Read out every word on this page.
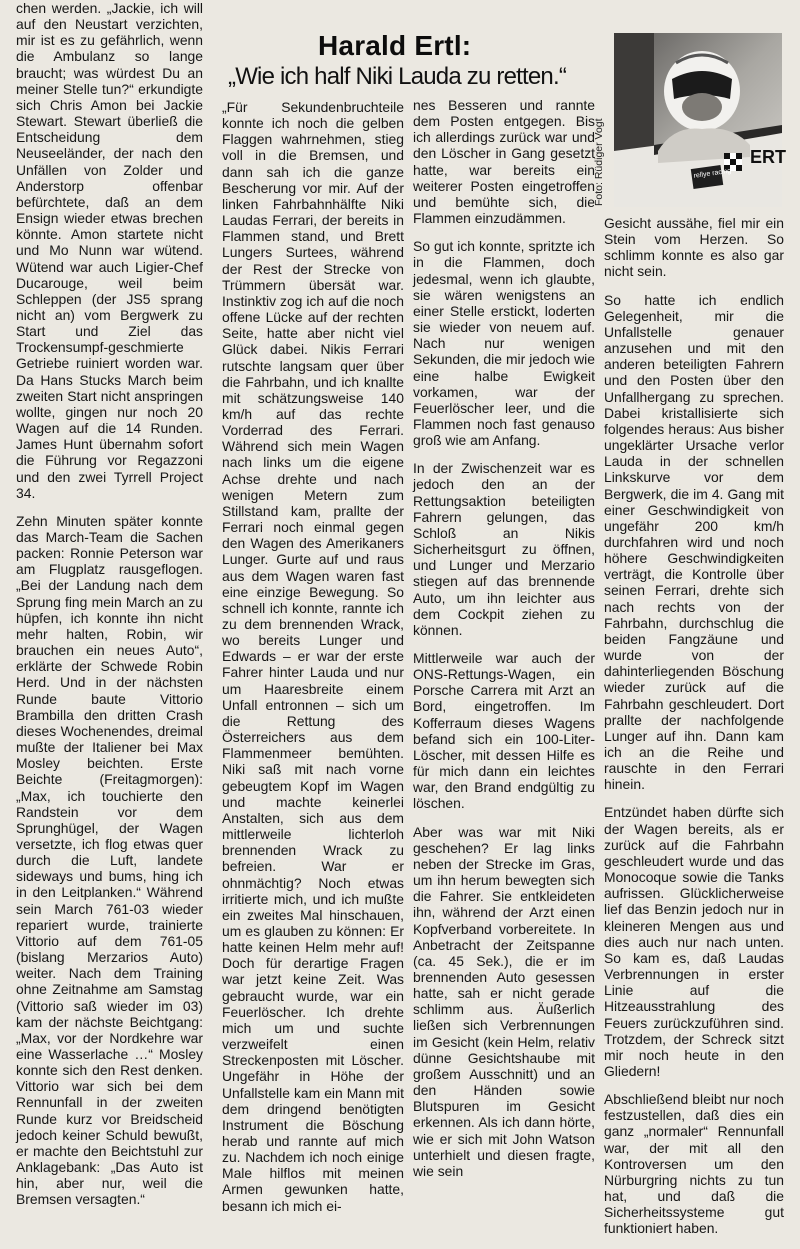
chen werden. „Jackie, ich will auf den Neustart verzichten, mir ist es zu gefährlich, wenn die Ambulanz so lange braucht; was würdest Du an meiner Stelle tun?“ erkundigte sich Chris Amon bei Jackie Stewart. Stewart überließ die Entscheidung dem Neuseeländer, der nach den Unfällen von Zolder und Anderstorp offenbar befürchtete, daß an dem Ensign wieder etwas brechen könnte. Amon startete nicht und Mo Nunn war wütend. Wütend war auch Ligier-Chef Ducarouge, weil beim Schleppen (der JS5 sprang nicht an) vom Bergwerk zu Start und Ziel das Trockensumpf-geschmierte Getriebe ruiniert worden war. Da Hans Stucks March beim zweiten Start nicht anspringen wollte, gingen nur noch 20 Wagen auf die 14 Runden. James Hunt übernahm sofort die Führung vor Regazzoni und den zwei Tyrrell Project 34.

Zehn Minuten später konnte das March-Team die Sachen packen: Ronnie Peterson war am Flugplatz rausgeflogen. „Bei der Landung nach dem Sprung fing mein March an zu hüpfen, ich konnte ihn nicht mehr halten, Robin, wir brauchen ein neues Auto“, erklärte der Schwede Robin Herd. Und in der nächsten Runde baute Vittorio Brambilla den dritten Crash dieses Wochenendes, dreimal mußte der Italiener bei Max Mosley beichten. Erste Beichte (Freitagmorgen): „Max, ich touchierte den Randstein vor dem Sprunghügel, der Wagen versetzte, ich flog etwas quer durch die Luft, landete sideways und bums, hing ich in den Leitplanken.“ Während sein March 761-03 wieder repariert wurde, trainierte Vittorio auf dem 761-05 (bislang Merzarios Auto) weiter. Nach dem Training ohne Zeitnahme am Samstag (Vittorio saß wieder im 03) kam der nächste Beichtgang: „Max, vor der Nordkehre war eine Wasserlache …“ Mosley konnte sich den Rest denken. Vittorio war sich bei dem Rennunfall in der zweiten Runde kurz vor Breidscheid jedoch keiner Schuld bewußt, er machte den Beichtstuhl zur Anklagebank: „Das Auto ist hin, aber nur, weil die Bremsen versagten.“

Harald Ertl:
„Wie ich half Niki Lauda zu retten.“
rellye racing
ERT
Foto: Rüdiger Vogt

„Für Sekundenbruchteile konnte ich noch die gelben Flaggen wahrnehmen, stieg voll in die Bremsen, und dann sah ich die ganze Bescherung vor mir. Auf der linken Fahrbahnhälfte Niki Laudas Ferrari, der bereits in Flammen stand, und Brett Lungers Surtees, während der Rest der Strecke von Trümmern übersät war. Instinktiv zog ich auf die noch offene Lücke auf der rechten Seite, hatte aber nicht viel Glück dabei. Nikis Ferrari rutschte langsam quer über die Fahrbahn, und ich knallte mit schätzungsweise 140 km/h auf das rechte Vorderrad des Ferrari. Während sich mein Wagen nach links um die eigene Achse drehte und nach wenigen Metern zum Stillstand kam, prallte der Ferrari noch einmal gegen den Wagen des Amerikaners Lunger. Gurte auf und raus aus dem Wagen waren fast eine einzige Bewegung. So schnell ich konnte, rannte ich zu dem brennenden Wrack, wo bereits Lunger und Edwards – er war der erste Fahrer hinter Lauda und nur um Haaresbreite einem Unfall entronnen – sich um die Rettung des Österreichers aus dem Flammenmeer bemühten. Niki saß mit nach vorne gebeugtem Kopf im Wagen und machte keinerlei Anstalten, sich aus dem mittlerweile lichterloh brennenden Wrack zu befreien. War er ohnmächtig? Noch etwas irritierte mich, und ich mußte ein zweites Mal hinschauen, um es glauben zu können: Er hatte keinen Helm mehr auf! Doch für derartige Fragen war jetzt keine Zeit. Was gebraucht wurde, war ein Feuerlöscher. Ich drehte mich um und suchte verzweifelt einen Streckenposten mit Löscher. Ungefähr in Höhe der Unfallstelle kam ein Mann mit dem dringend benötigten Instrument die Böschung herab und rannte auf mich zu. Nachdem ich noch einige Male hilflos mit meinen Armen gewunken hatte, besann ich mich ei-

nes Besseren und rannte dem Posten entgegen. Bis ich allerdings zurück war und den Löscher in Gang gesetzt hatte, war bereits ein weiterer Posten eingetroffen und bemühte sich, die Flammen einzudämmen.

So gut ich konnte, spritzte ich in die Flammen, doch jedesmal, wenn ich glaubte, sie wären wenigstens an einer Stelle erstickt, loderten sie wieder von neuem auf. Nach nur wenigen Sekunden, die mir jedoch wie eine halbe Ewigkeit vorkamen, war der Feuerlöscher leer, und die Flammen noch fast genauso groß wie am Anfang.

In der Zwischenzeit war es jedoch den an der Rettungsaktion beteiligten Fahrern gelungen, das Schloß an Nikis Sicherheitsgurt zu öffnen, und Lunger und Merzario stiegen auf das brennende Auto, um ihn leichter aus dem Cockpit ziehen zu können.

Mittlerweile war auch der ONS-Rettungs-Wagen, ein Porsche Carrera mit Arzt an Bord, eingetroffen. Im Kofferraum dieses Wagens befand sich ein 100-Liter-Löscher, mit dessen Hilfe es für mich dann ein leichtes war, den Brand endgültig zu löschen.

Aber was war mit Niki geschehen? Er lag links neben der Strecke im Gras, um ihn herum bewegten sich die Fahrer. Sie entkleideten ihn, während der Arzt einen Kopfverband vorbereitete. In Anbetracht der Zeitspanne (ca. 45 Sek.), die er im brennenden Auto gesessen hatte, sah er nicht gerade schlimm aus. Äußerlich ließen sich Verbrennungen im Gesicht (kein Helm, relativ dünne Gesichtshaube mit großem Ausschnitt) und an den Händen sowie Blutspuren im Gesicht erkennen. Als ich dann hörte, wie er sich mit John Watson unterhielt und diesen fragte, wie sein

Gesicht aussähe, fiel mir ein Stein vom Herzen. So schlimm konnte es also gar nicht sein.

So hatte ich endlich Gelegenheit, mir die Unfallstelle genauer anzusehen und mit den anderen beteiligten Fahrern und den Posten über den Unfallhergang zu sprechen. Dabei kristallisierte sich folgendes heraus: Aus bisher ungeklärter Ursache verlor Lauda in der schnellen Linkskurve vor dem Bergwerk, die im 4. Gang mit einer Geschwindigkeit von ungefähr 200 km/h durchfahren wird und noch höhere Geschwindigkeiten verträgt, die Kontrolle über seinen Ferrari, drehte sich nach rechts von der Fahrbahn, durchschlug die beiden Fangzäune und wurde von der dahinterliegenden Böschung wieder zurück auf die Fahrbahn geschleudert. Dort prallte der nachfolgende Lunger auf ihn. Dann kam ich an die Reihe und rauschte in den Ferrari hinein.

Entzündet haben dürfte sich der Wagen bereits, als er zurück auf die Fahrbahn geschleudert wurde und das Monocoque sowie die Tanks aufrissen. Glücklicherweise lief das Benzin jedoch nur in kleineren Mengen aus und dies auch nur nach unten. So kam es, daß Laudas Verbrennungen in erster Linie auf die Hitzeausstrahlung des Feuers zurückzuführen sind. Trotzdem, der Schreck sitzt mir noch heute in den Gliedern!

Abschließend bleibt nur noch festzustellen, daß dies ein ganz „normaler“ Rennunfall war, der mit all den Kontroversen um den Nürburgring nichts zu tun hat, und daß die Sicherheitssysteme gut funktioniert haben.
